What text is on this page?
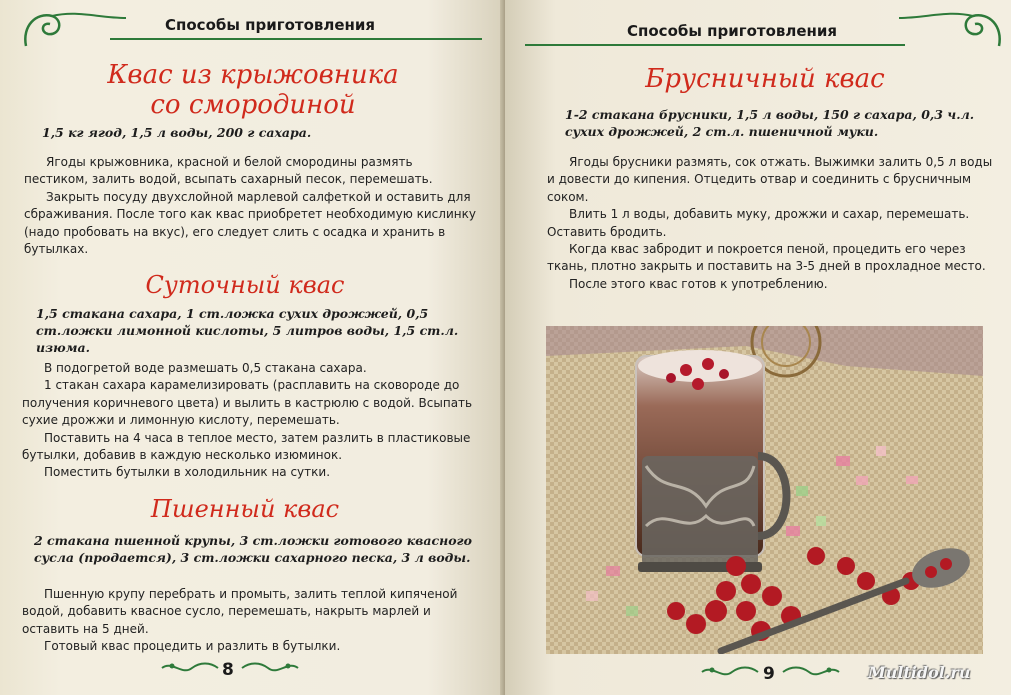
Способы приготовления
Квас из крыжовника
со смородиной
1,5 кг ягод, 1,5 л воды, 200 г сахара.

Ягоды крыжовника, красной и белой смородины размять пестиком, залить водой, всыпать сахарный песок, перемешать.

Закрыть посуду двухслойной марлевой салфеткой и оставить для сбраживания. После того как квас приобретет необходимую кислинку (надо пробовать на вкус), его следует слить с осадка и хранить в бутылках.

Суточный квас
1,5 стакана сахара, 1 ст.ложка сухих дрожжей, 0,5 ст.ложки лимонной кислоты, 5 литров воды, 1,5 ст.л. изюма.

В подогретой воде размешать 0,5 стакана сахара.

1 стакан сахара карамелизировать (расплавить на сковороде до получения коричневого цвета) и вылить в кастрюлю с водой. Всыпать сухие дрожжи и лимонную кислоту, перемешать.

Поставить на 4 часа в теплое место, затем разлить в пластиковые бутылки, добавив в каждую несколько изюминок.

Поместить бутылки в холодильник на сутки.

Пшенный квас
2 стакана пшенной крупы, 3 ст.ложки готового квасного сусла (продается), 3 ст.ложки сахарного песка, 3 л воды.

Пшенную крупу перебрать и промыть, залить теплой кипяченой водой, добавить квасное сусло, перемешать, накрыть марлей и оставить на 5 дней.

Готовый квас процедить и разлить в бутылки.

8
Способы приготовления
Брусничный квас
1-2 стакана брусники, 1,5 л воды, 150 г сахара, 0,3 ч.л. сухих дрожжей, 2 ст.л. пшеничной муки.

Ягоды брусники размять, сок отжать. Выжимки залить 0,5 л воды и довести до кипения. Отцедить отвар и соединить с брусничным соком.

Влить 1 л воды, добавить муку, дрожжи и сахар, перемешать. Оставить бродить.

Когда квас забродит и покроется пеной, процедить его через ткань, плотно закрыть и поставить на 3-5 дней в прохладное место.

После этого квас готов к употреблению.

9	Multidol.ru
